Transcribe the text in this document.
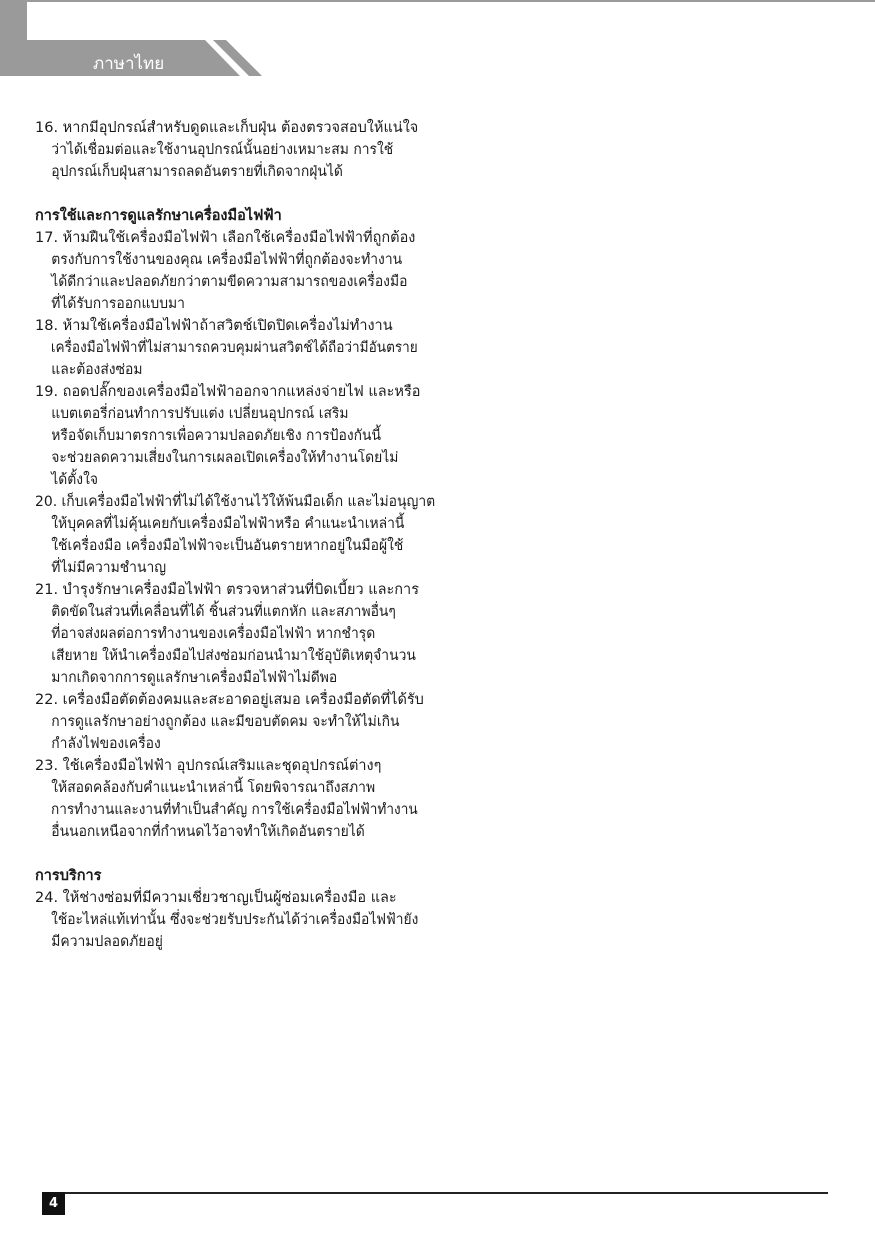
ภาษาไทย
16. หากมีอุปกรณ์สำหรับดูดและเก็บฝุ่น ต้องตรวจสอบให้แน่ใจ
ว่าได้เชื่อมต่อและใช้งานอุปกรณ์นั้นอย่างเหมาะสม การใช้
อุปกรณ์เก็บฝุ่นสามารถลดอันตรายที่เกิดจากฝุ่นได้
การใช้และการดูแลรักษาเครื่องมือไฟฟ้า
17. ห้ามฝืนใช้เครื่องมือไฟฟ้า เลือกใช้เครื่องมือไฟฟ้าที่ถูกต้อง
ตรงกับการใช้งานของคุณ เครื่องมือไฟฟ้าที่ถูกต้องจะทำงาน
ได้ดีกว่าและปลอดภัยกว่าตามขีดความสามารถของเครื่องมือ
ที่ได้รับการออกแบบมา
18. ห้ามใช้เครื่องมือไฟฟ้าถ้าสวิตช์เปิดปิดเครื่องไม่ทำงาน
เครื่องมือไฟฟ้าที่ไม่สามารถควบคุมผ่านสวิตช์ได้ถือว่ามีอันตราย
และต้องส่งซ่อม
19. ถอดปลั๊กของเครื่องมือไฟฟ้าออกจากแหล่งจ่ายไฟ และหรือ
แบตเตอรี่ก่อนทำการปรับแต่ง เปลี่ยนอุปกรณ์ เสริม
หรือจัดเก็บมาตรการเพื่อความปลอดภัยเชิง การป้องกันนี้
จะช่วยลดความเสี่ยงในการเผลอเปิดเครื่องให้ทำงานโดยไม่
ได้ตั้งใจ
20. เก็บเครื่องมือไฟฟ้าที่ไม่ได้ใช้งานไว้ให้พ้นมือเด็ก และไม่อนุญาต
ให้บุคคลที่ไม่คุ้นเคยกับเครื่องมือไฟฟ้าหรือ คำแนะนำเหล่านี้
ใช้เครื่องมือ เครื่องมือไฟฟ้าจะเป็นอันตรายหากอยู่ในมือผู้ใช้
ที่ไม่มีความชำนาญ
21. บำรุงรักษาเครื่องมือไฟฟ้า ตรวจหาส่วนที่บิดเบี้ยว และการ
ติดขัดในส่วนที่เคลื่อนที่ได้ ชิ้นส่วนที่แตกหัก และสภาพอื่นๆ
ที่อาจส่งผลต่อการทำงานของเครื่องมือไฟฟ้า หากชำรุด
เสียหาย ให้นำเครื่องมือไปส่งซ่อมก่อนนำมาใช้อุบัติเหตุจำนวน
มากเกิดจากการดูแลรักษาเครื่องมือไฟฟ้าไม่ดีพอ
22. เครื่องมือตัดต้องคมและสะอาดอยู่เสมอ เครื่องมือตัดที่ได้รับ
การดูแลรักษาอย่างถูกต้อง และมีขอบตัดคม จะทำให้ไม่เกิน
กำลังไฟของเครื่อง
23. ใช้เครื่องมือไฟฟ้า อุปกรณ์เสริมและชุดอุปกรณ์ต่างๆ
ให้สอดคล้องกับคำแนะนำเหล่านี้ โดยพิจารณาถึงสภาพ
การทำงานและงานที่ทำเป็นสำคัญ การใช้เครื่องมือไฟฟ้าทำงาน
อื่นนอกเหนือจากที่กำหนดไว้อาจทำให้เกิดอันตรายได้
การบริการ
24. ให้ช่างซ่อมที่มีความเชี่ยวชาญเป็นผู้ซ่อมเครื่องมือ และ
ใช้อะไหล่แท้เท่านั้น ซึ่งจะช่วยรับประกันได้ว่าเครื่องมือไฟฟ้ายัง
มีความปลอดภัยอยู่
4
